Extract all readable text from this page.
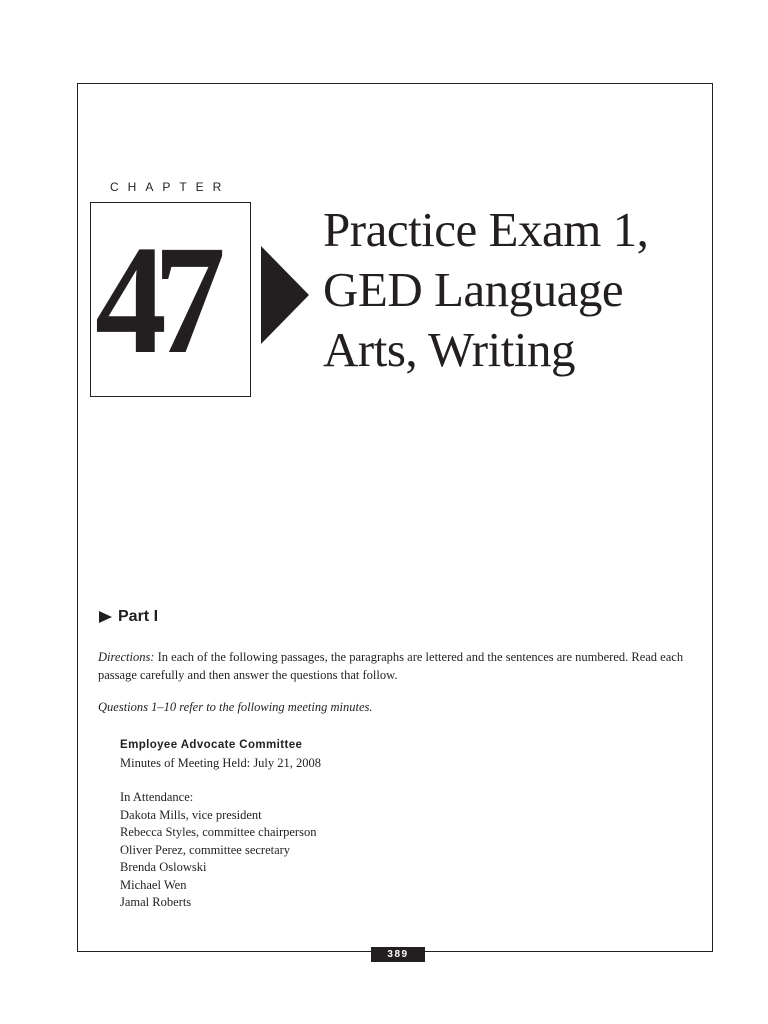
CHAPTER
47 Practice Exam 1,
GED Language
Arts, Writing
Part I
Directions: In each of the following passages, the paragraphs are lettered and the sentences are numbered. Read each passage carefully and then answer the questions that follow.
Questions 1–10 refer to the following meeting minutes.
Employee Advocate Committee
Minutes of Meeting Held: July 21, 2008
In Attendance:
Dakota Mills, vice president
Rebecca Styles, committee chairperson
Oliver Perez, committee secretary
Brenda Oslowski
Michael Wen
Jamal Roberts
389
